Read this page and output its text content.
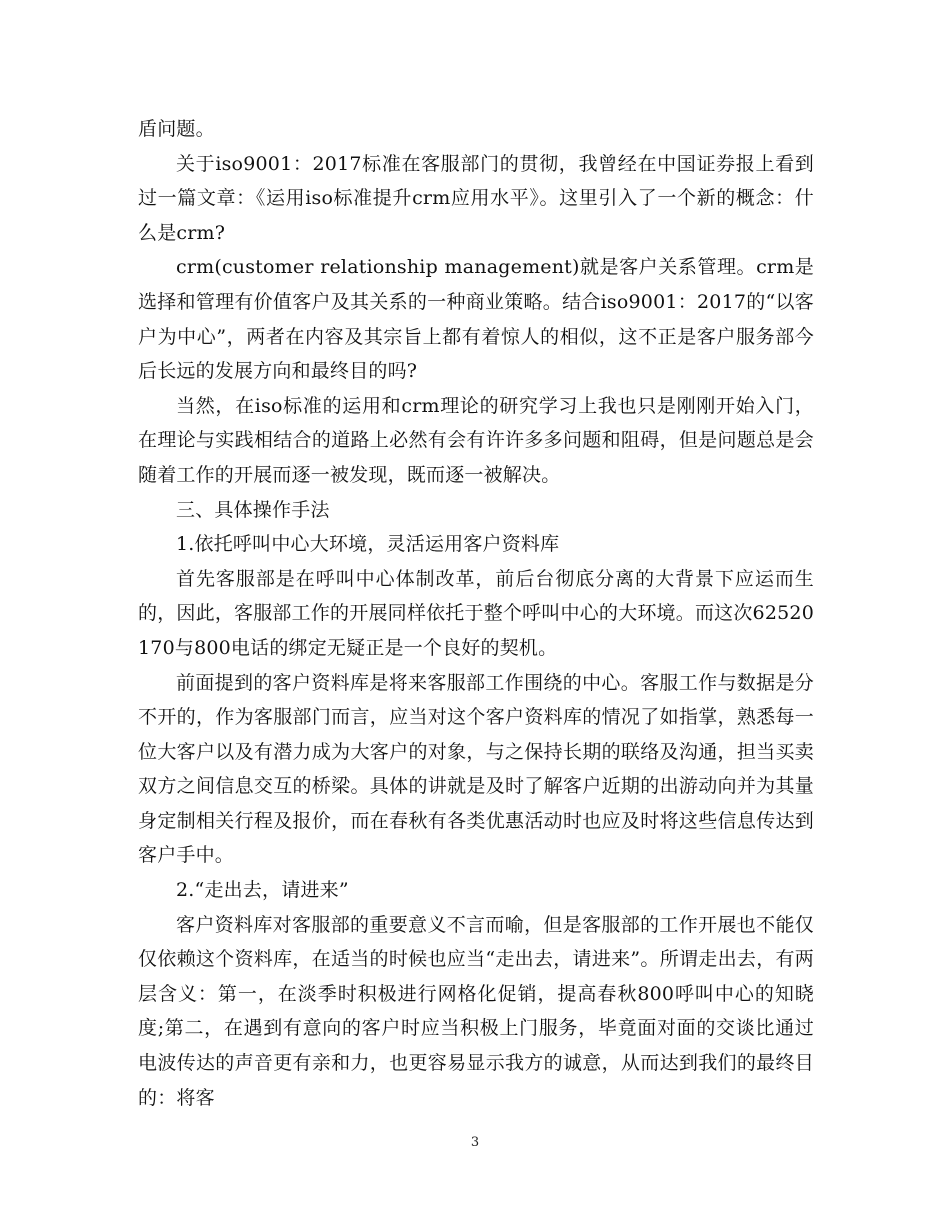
盾问题。

关于iso9001：2017标准在客服部门的贯彻，我曾经在中国证券报上看到过一篇文章：《运用iso标准提升crm应用水平》。这里引入了一个新的概念：什么是crm?

crm(customer relationship management)就是客户关系管理。crm是选择和管理有价值客户及其关系的一种商业策略。结合iso9001：2017的“以客户为中心”，两者在内容及其宗旨上都有着惊人的相似，这不正是客户服务部今后长远的发展方向和最终目的吗?

当然，在iso标准的运用和crm理论的研究学习上我也只是刚刚开始入门，在理论与实践相结合的道路上必然有会有许许多多问题和阻碍，但是问题总是会随着工作的开展而逐一被发现，既而逐一被解决。

三、具体操作手法

1.依托呼叫中心大环境，灵活运用客户资料库

首先客服部是在呼叫中心体制改革，前后台彻底分离的大背景下应运而生的，因此，客服部工作的开展同样依托于整个呼叫中心的大环境。而这次62520170与800电话的绑定无疑正是一个良好的契机。

前面提到的客户资料库是将来客服部工作围绕的中心。客服工作与数据是分不开的，作为客服部门而言，应当对这个客户资料库的情况了如指掌，熟悉每一位大客户以及有潜力成为大客户的对象，与之保持长期的联络及沟通，担当买卖双方之间信息交互的桥梁。具体的讲就是及时了解客户近期的出游动向并为其量身定制相关行程及报价，而在春秋有各类优惠活动时也应及时将这些信息传达到客户手中。

2.“走出去，请进来”

客户资料库对客服部的重要意义不言而喻，但是客服部的工作开展也不能仅仅依赖这个资料库，在适当的时候也应当“走出去，请进来”。所谓走出去，有两层含义：第一，在淡季时积极进行网格化促销，提高春秋800呼叫中心的知晓度;第二，在遇到有意向的客户时应当积极上门服务，毕竟面对面的交谈比通过电波传达的声音更有亲和力，也更容易显示我方的诚意，从而达到我们的最终目的：将客

3
